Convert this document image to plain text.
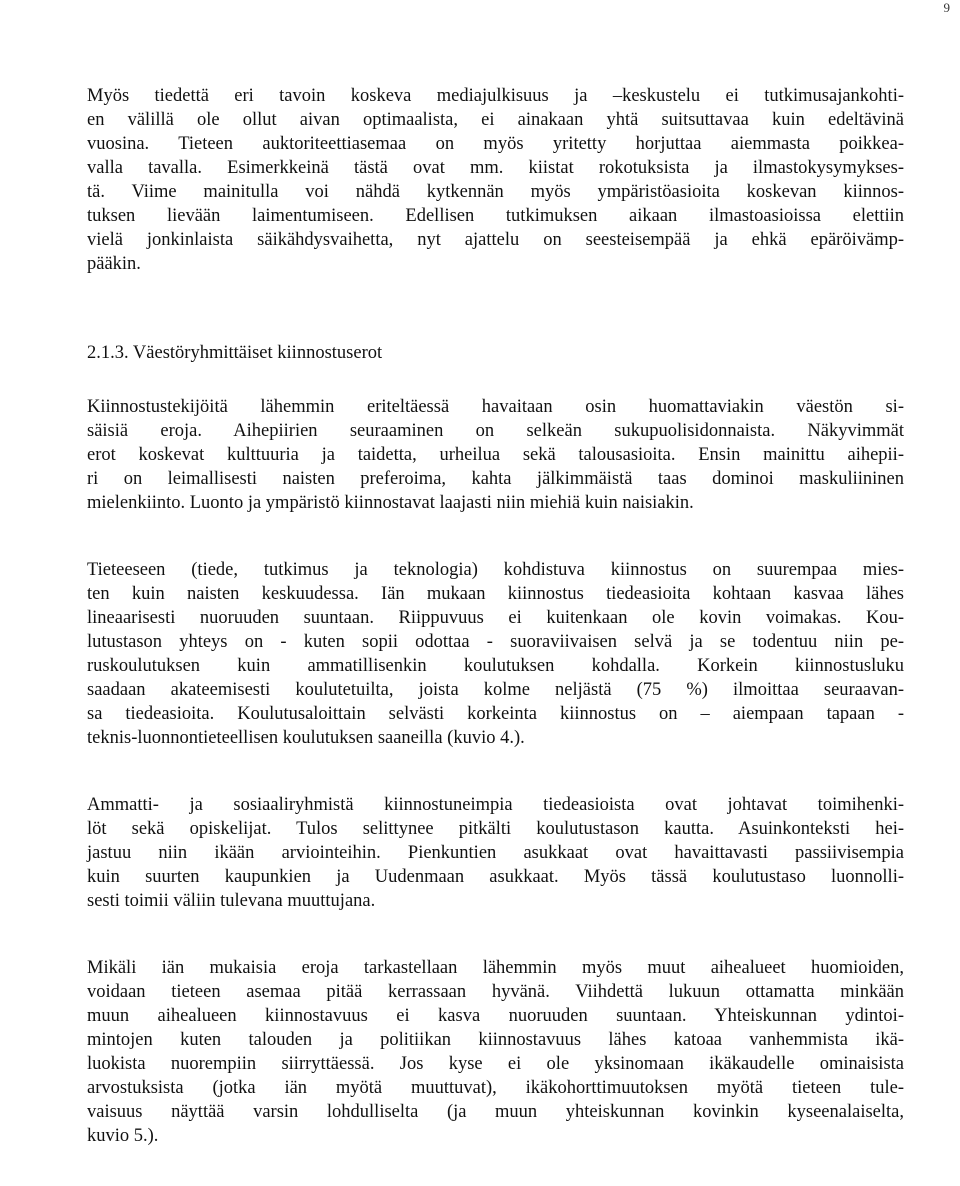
9
Myös tiedettä eri tavoin koskeva mediajulkisuus ja –keskustelu ei tutkimusajankohti-
en välillä ole ollut aivan optimaalista, ei ainakaan yhtä suitsuttavaa kuin edeltävinä
vuosina. Tieteen auktoriteettiasemaa on myös yritetty horjuttaa aiemmasta poikkea-
valla tavalla. Esimerkkeinä tästä ovat mm. kiistat rokotuksista ja ilmastokysymykses-
tä. Viime mainitulla voi nähdä kytkennän myös ympäristöasioita koskevan kiinnos-
tuksen lievään laimentumiseen. Edellisen tutkimuksen aikaan ilmastoasioissa elettiin
vielä jonkinlaista säikähdysvaihetta, nyt ajattelu on seesteisempää ja ehkä epäröivämp-
pääkin.
2.1.3. Väestöryhmittäiset kiinnostuserot
Kiinnostustekijöitä lähemmin eriteltäessä havaitaan osin huomattaviakin väestön si-
säisiä eroja. Aihepiirien seuraaminen on selkeän sukupuolisidonnaista. Näkyvimmät
erot koskevat kulttuuria ja taidetta, urheilua sekä talousasioita. Ensin mainittu aihepii-
ri on leimallisesti naisten preferoima, kahta jälkimmäistä taas dominoi maskuliininen
mielenkiinto. Luonto ja ympäristö kiinnostavat laajasti niin miehiä kuin naisiakin.
Tieteeseen (tiede, tutkimus ja teknologia) kohdistuva kiinnostus on suurempaa mies-
ten kuin naisten keskuudessa. Iän mukaan kiinnostus tiedeasioita kohtaan kasvaa lähes
lineaarisesti nuoruuden suuntaan. Riippuvuus ei kuitenkaan ole kovin voimakas. Kou-
lutustason yhteys on - kuten sopii odottaa - suoraviivaisen selvä ja se todentuu niin pe-
ruskoulutuksen kuin ammatillisenkin koulutuksen kohdalla. Korkein kiinnostusluku
saadaan akateemisesti koulutetuilta, joista kolme neljästä (75 %) ilmoittaa seuraavan-
sa tiedeasioita. Koulutusaloittain selvästi korkeinta kiinnostus on – aiempaan tapaan -
teknis-luonnontieteellisen koulutuksen saaneilla (kuvio 4.).
Ammatti- ja sosiaaliryhmistä kiinnostuneimpia tiedeasioista ovat johtavat toimihenki-
löt sekä opiskelijat. Tulos selittynee pitkälti koulutustason kautta. Asuinkonteksti hei-
jastuu niin ikään arviointeihin. Pienkuntien asukkaat ovat havaittavasti passiivisempia
kuin suurten kaupunkien ja Uudenmaan asukkaat. Myös tässä koulutustaso luonnolli-
sesti toimii väliin tulevana muuttujana.
Mikäli iän mukaisia eroja tarkastellaan lähemmin myös muut aihealueet huomioiden,
voidaan tieteen asemaa pitää kerrassaan hyvänä. Viihdettä lukuun ottamatta minkään
muun aihealueen kiinnostavuus ei kasva nuoruuden suuntaan. Yhteiskunnan ydintoi-
mintojen kuten talouden ja politiikan kiinnostavuus lähes katoaa vanhemmista ikä-
luokista nuorempiin siirryttäessä. Jos kyse ei ole yksinomaan ikäkaudelle ominaisista
arvostuksista (jotka iän myötä muuttuvat), ikäkohorttimuutoksen myötä tieteen tule-
vaisuus näyttää varsin lohdulliselta (ja muun yhteiskunnan kovinkin kyseenalaiselta,
kuvio 5.).
